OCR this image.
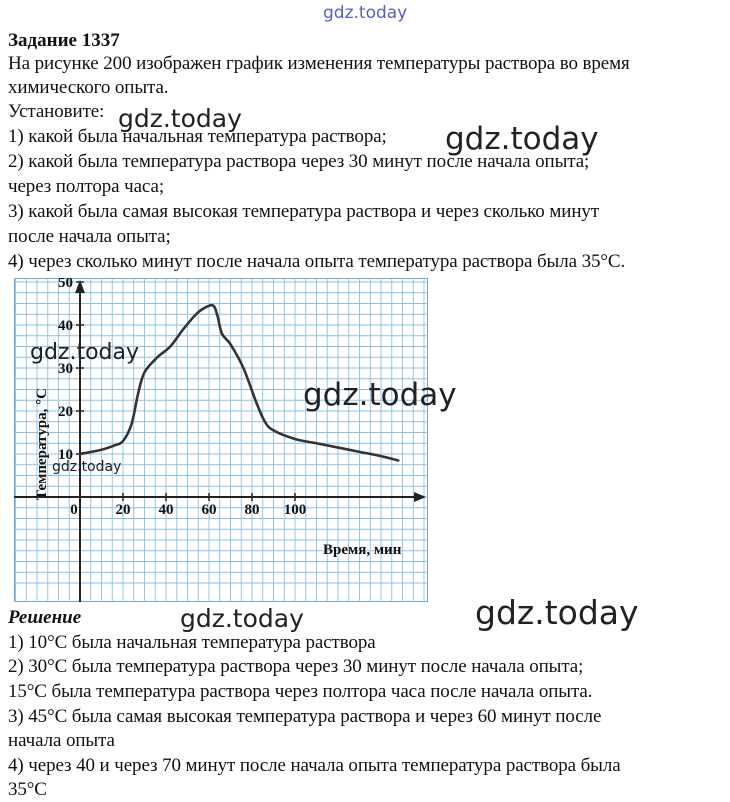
gdz.today
Задание 1337
На рисунке 200 изображен график изменения температуры раствора во время
химического опыта.
Установите:
1) какой была начальная температура раствора;
2) какой была температура раствора через 30 минут после начала опыта;
через полтора часа;
3) какой была самая высокая температура раствора и через сколько минут
после начала опыта;
4) через сколько минут после начала опыта температура раствора была 35°C.
0	20 40 60 80 100
10
20
30
40
50
Время, мин
Температура, °C
gdz.today
gdz.today
gdz.today
gdz.today
gdz.today
Решение	gdz.today	gdz.today
1) 10°C была начальная температура раствора
2) 30°C была температура раствора через 30 минут после начала опыта;
15°C была температура раствора через полтора часа после начала опыта.
3) 45°C была самая высокая температура раствора и через 60 минут после
начала опыта
4) через 40 и через 70 минут после начала опыта температура раствора была
35°C
